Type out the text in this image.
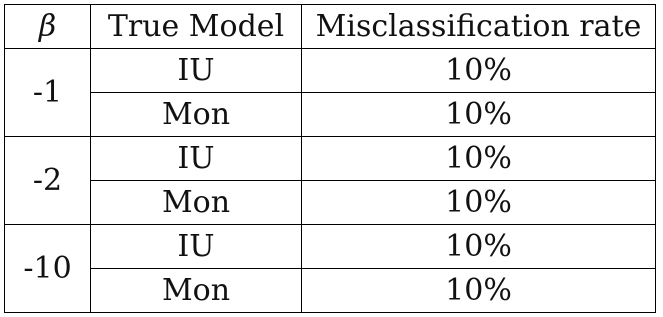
β	True Model	Misclassification rate
-1	IU	10%
	Mon	10%
-2	IU	10%
	Mon	10%
-10	IU	10%
	Mon	10%
